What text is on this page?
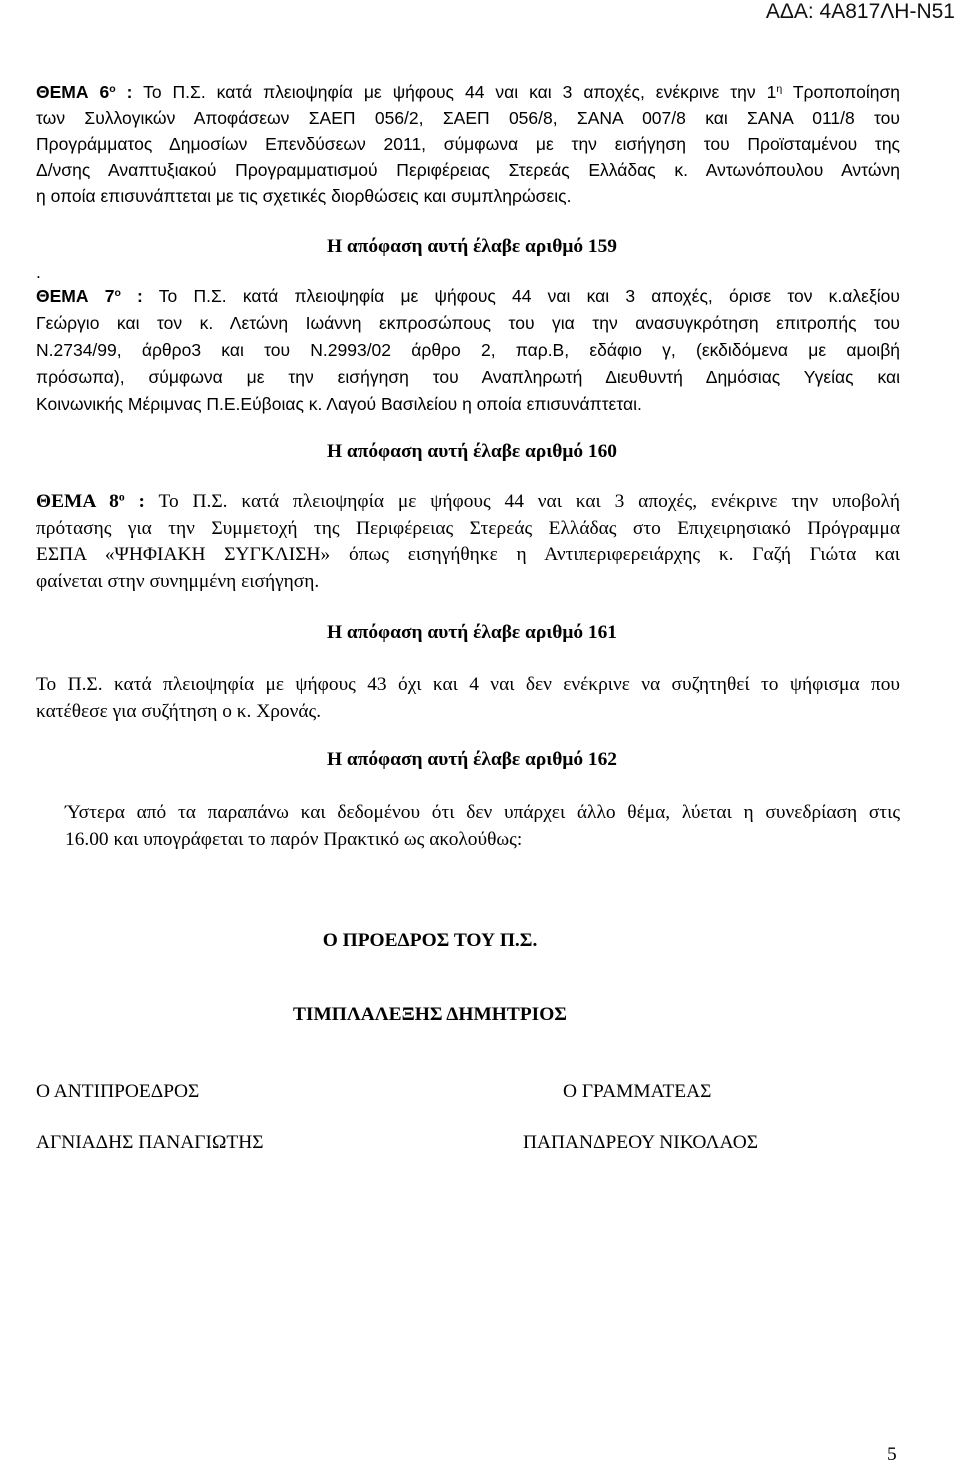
ΑΔΑ: 4Α817ΛΗ-Ν51
ΘΕΜΑ $6^o$ : Το Π.Σ. κατά πλειοψηφία με ψήφους 44 ναι και 3 αποχές, ενέκρινε την $1^\eta$ Τροποποίηση
των Συλλογικών Αποφάσεων ΣΑΕΠ 056/2, ΣΑΕΠ 056/8, ΣΑΝΑ 007/8 και ΣΑΝΑ 011/8 του
Προγράμματος Δημοσίων Επενδύσεων 2011, σύμφωνα με την εισήγηση του Προϊσταμένου της
Δ/νσης Αναπτυξιακού Προγραμματισμού Περιφέρειας Στερεάς Ελλάδας κ. Αντωνόπουλου Αντώνη
η οποία επισυνάπτεται με τις σχετικές διορθώσεις και συμπληρώσεις.
Η απόφαση αυτή έλαβε αριθμό 159
.
ΘΕΜΑ $7^o$ : Το Π.Σ. κατά πλειοψηφία με ψήφους 44 ναι και 3 αποχές, όρισε τον κ.αλεξίου
Γεώργιο και τον κ. Λετώνη Ιωάννη εκπροσώπους του για την ανασυγκρότηση επιτροπής του
Ν.2734/99, άρθρο3 και του Ν.2993/02 άρθρο 2, παρ.Β, εδάφιο γ, (εκδιδόμενα με αμοιβή
πρόσωπα), σύμφωνα με την εισήγηση του Αναπληρωτή Διευθυντή Δημόσιας Υγείας και
Κοινωνικής Μέριμνας Π.Ε.Εύβοιας κ. Λαγού Βασιλείου η οποία επισυνάπτεται.
Η απόφαση αυτή έλαβε αριθμό 160
ΘΕΜΑ $8^o$ : Το Π.Σ. κατά πλειοψηφία με ψήφους 44 ναι και 3 αποχές, ενέκρινε την υποβολή
πρότασης για την Συμμετοχή της Περιφέρειας Στερεάς Ελλάδας στο Επιχειρησιακό Πρόγραμμα
ΕΣΠΑ «ΨΗΦΙΑΚΗ ΣΥΓΚΛΙΣΗ» όπως εισηγήθηκε η Αντιπεριφερειάρχης κ. Γαζή Γιώτα και
φαίνεται στην συνημμένη εισήγηση.
Η απόφαση αυτή έλαβε αριθμό 161
Το Π.Σ. κατά πλειοψηφία με ψήφους 43 όχι και 4 ναι δεν ενέκρινε να συζητηθεί το ψήφισμα που
κατέθεσε για συζήτηση ο κ. Χρονάς.
Η απόφαση αυτή έλαβε αριθμό 162
Ύστερα από τα παραπάνω και δεδομένου ότι δεν υπάρχει άλλο θέμα, λύεται η συνεδρίαση στις
16.00 και υπογράφεται το παρόν Πρακτικό ως ακολούθως:
Ο ΠΡΟΕΔΡΟΣ ΤΟΥ Π.Σ.
ΤΙΜΠΛΑΛΕΞΗΣ ΔΗΜΗΤΡΙΟΣ
Ο ΑΝΤΙΠΡΟΕΔΡΟΣ
ΑΓΝΙΑΔΗΣ ΠΑΝΑΓΙΩΤΗΣ
Ο ΓΡΑΜΜΑΤΕΑΣ
ΠΑΠΑΝΔΡΕΟΥ ΝΙΚΟΛΑΟΣ
5
